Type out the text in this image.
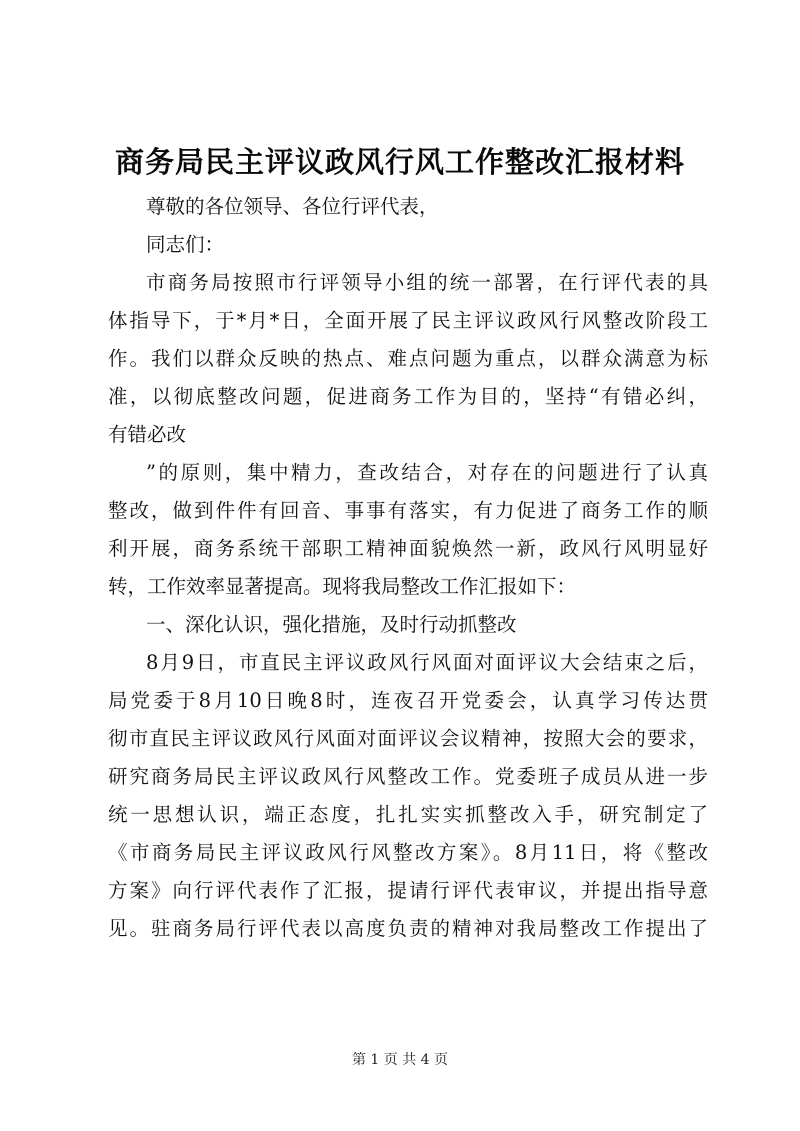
商务局民主评议政风行风工作整改汇报材料
尊敬的各位领导、各位行评代表，
同志们：
市商务局按照市行评领导小组的统一部署，在行评代表的具
体指导下，于*月*日，全面开展了民主评议政风行风整改阶段工
作。我们以群众反映的热点、难点问题为重点，以群众满意为标
准，以彻底整改问题，促进商务工作为目的，坚持“有错必纠，
有错必改
”的原则，集中精力，查改结合，对存在的问题进行了认真
整改，做到件件有回音、事事有落实，有力促进了商务工作的顺
利开展，商务系统干部职工精神面貌焕然一新，政风行风明显好
转，工作效率显著提高。现将我局整改工作汇报如下：
一、深化认识，强化措施，及时行动抓整改
8月9日，市直民主评议政风行风面对面评议大会结束之后，
局党委于8月10日晚8时，连夜召开党委会，认真学习传达贯
彻市直民主评议政风行风面对面评议会议精神，按照大会的要求，
研究商务局民主评议政风行风整改工作。党委班子成员从进一步
统一思想认识，端正态度，扎扎实实抓整改入手，研究制定了
《市商务局民主评议政风行风整改方案》。8月11日，将《整改
方案》向行评代表作了汇报，提请行评代表审议，并提出指导意
见。驻商务局行评代表以高度负责的精神对我局整改工作提出了
第 1 页 共 4 页
